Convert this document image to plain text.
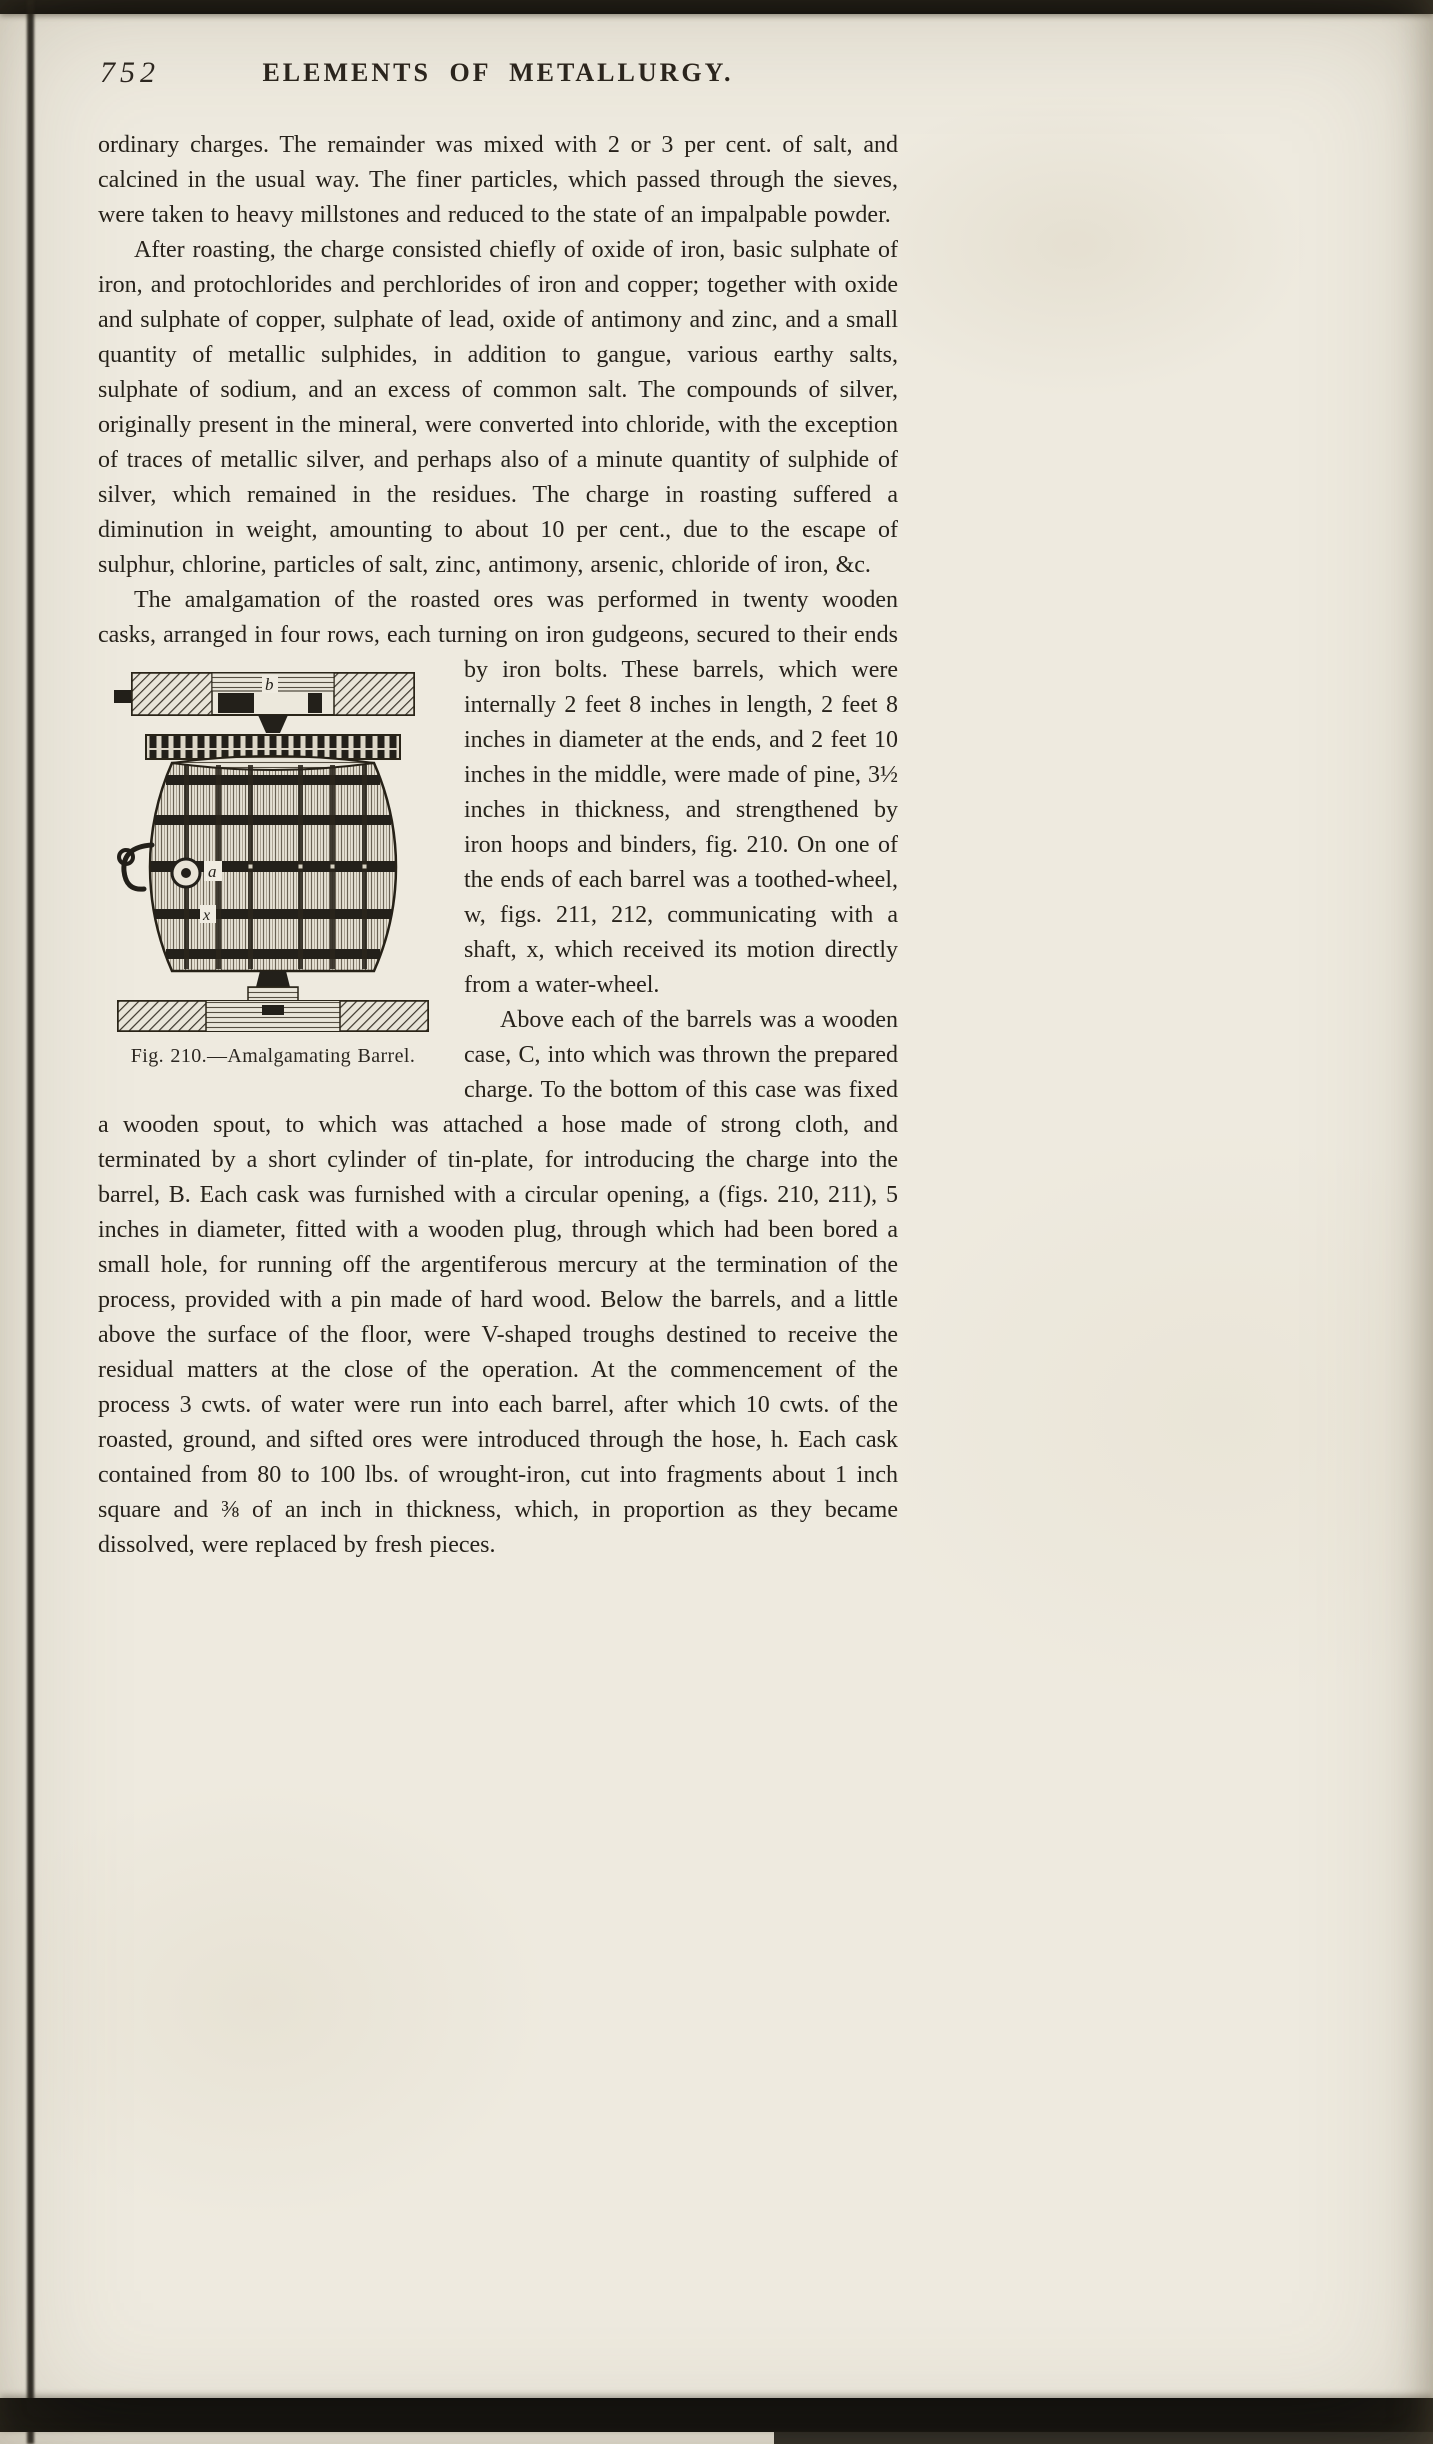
752	ELEMENTS OF METALLURGY.

ordinary charges. The remainder was mixed with 2 or 3 per cent. of salt, and calcined in the usual way. The finer particles, which passed through the sieves, were taken to heavy millstones and reduced to the state of an impalpable powder.

After roasting, the charge consisted chiefly of oxide of iron, basic sulphate of iron, and protochlorides and perchlorides of iron and copper; together with oxide and sulphate of copper, sulphate of lead, oxide of antimony and zinc, and a small quantity of metallic sulphides, in addition to gangue, various earthy salts, sulphate of sodium, and an excess of common salt. The compounds of silver, originally present in the mineral, were converted into chloride, with the exception of traces of metallic silver, and perhaps also of a minute quantity of sulphide of silver, which remained in the residues. The charge in roasting suffered a diminution in weight, amounting to about 10 per cent., due to the escape of sulphur, chlorine, particles of salt, zinc, antimony, arsenic, chloride of iron, &c.

The amalgamation of the roasted ores was performed in twenty wooden casks, arranged in four rows, each turning on iron gudgeons, secured to their ends by iron bolts. These barrels, which were
b
a
x
Fig. 210.—Amalgamating Barrel.
internally 2 feet 8 inches in length, 2 feet 8 inches in diameter at the ends, and 2 feet 10 inches in the middle, were made of pine, 3½ inches in thickness, and strengthened by iron hoops and binders, fig. 210. On one of the ends of each barrel was a toothed-wheel, w, figs. 211, 212, communicating with a shaft, x, which received its motion directly from a water-wheel.

Above each of the barrels was a wooden case, C, into which was thrown the prepared charge. To the bottom of this case was fixed a wooden spout, to which was attached a hose made of strong cloth, and terminated by a short cylinder of tin-plate, for introducing the charge into the barrel, B. Each cask was furnished with a circular opening, a (figs. 210, 211), 5 inches in diameter, fitted with a wooden plug, through which had been bored a small hole, for running off the argentiferous mercury at the termination of the process, provided with a pin made of hard wood. Below the barrels, and a little above the surface of the floor, were V-shaped troughs destined to receive the residual matters at the close of the operation. At the commencement of the process 3 cwts. of water were run into each barrel, after which 10 cwts. of the roasted, ground, and sifted ores were introduced through the hose, h. Each cask contained from 80 to 100 lbs. of wrought-iron, cut into fragments about 1 inch square and ⅜ of an inch in thickness, which, in proportion as they became dissolved, were replaced by fresh pieces.
